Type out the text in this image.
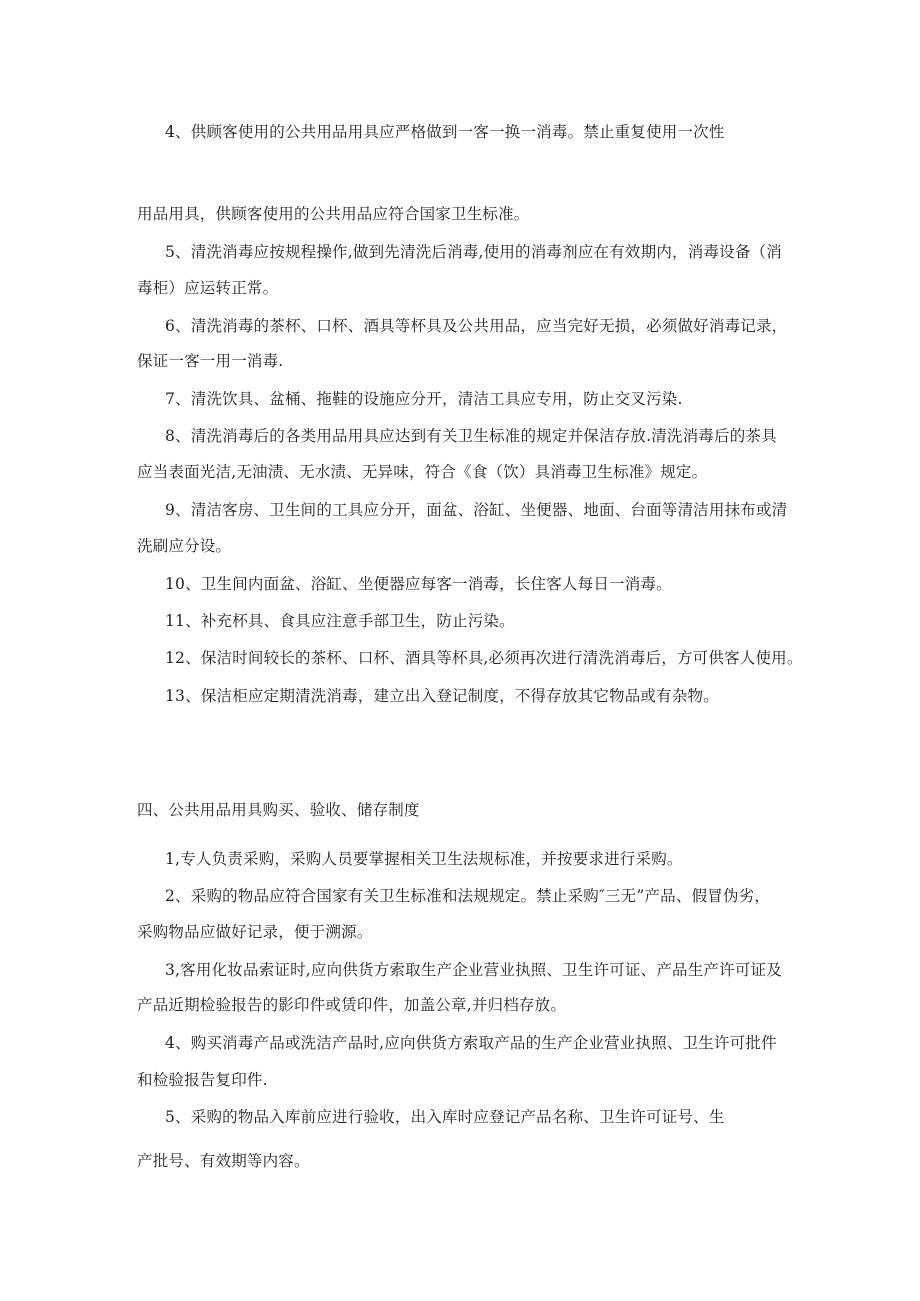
4、供顾客使用的公共用品用具应严格做到一客一换一消毒。禁止重复使用一次性
用品用具，供顾客使用的公共用品应符合国家卫生标准。
5、清洗消毒应按规程操作,做到先清洗后消毒,使用的消毒剂应在有效期内，消毒设备（消
毒柜）应运转正常。
6、清洗消毒的茶杯、口杯、酒具等杯具及公共用品，应当完好无损，必须做好消毒记录，
保证一客一用一消毒.
7、清洗饮具、盆桶、拖鞋的设施应分开，清洁工具应专用，防止交叉污染.
8、清洗消毒后的各类用品用具应达到有关卫生标准的规定并保洁存放.清洗消毒后的茶具
应当表面光洁,无油渍、无水渍、无异味，符合《食（饮）具消毒卫生标准》规定。
9、清洁客房、卫生间的工具应分开，面盆、浴缸、坐便器、地面、台面等清洁用抹布或清
洗刷应分设。
10、卫生间内面盆、浴缸、坐便器应每客一消毒，长住客人每日一消毒。
11、补充杯具、食具应注意手部卫生，防止污染。
12、保洁时间较长的茶杯、口杯、酒具等杯具,必须再次进行清洗消毒后，方可供客人使用。
13、保洁柜应定期清洗消毒，建立出入登记制度，不得存放其它物品或有杂物。
四、公共用品用具购买、验收、储存制度
1,专人负责采购，采购人员要掌握相关卫生法规标准，并按要求进行采购。
2、采购的物品应符合国家有关卫生标准和法规规定。禁止采购″三无”产品、假冒伪劣，
采购物品应做好记录，便于溯源。
3,客用化妆品索证时,应向供货方索取生产企业营业执照、卫生许可证、产品生产许可证及
产品近期检验报告的影印件或赁印件，加盖公章,并归档存放。
4、购买消毒产品或洗洁产品时,应向供货方索取产品的生产企业营业执照、卫生许可批件
和检验报告复印件.
5、采购的物品入库前应进行验收，出入库时应登记产品名称、卫生许可证号、生
产批号、有效期等内容。
